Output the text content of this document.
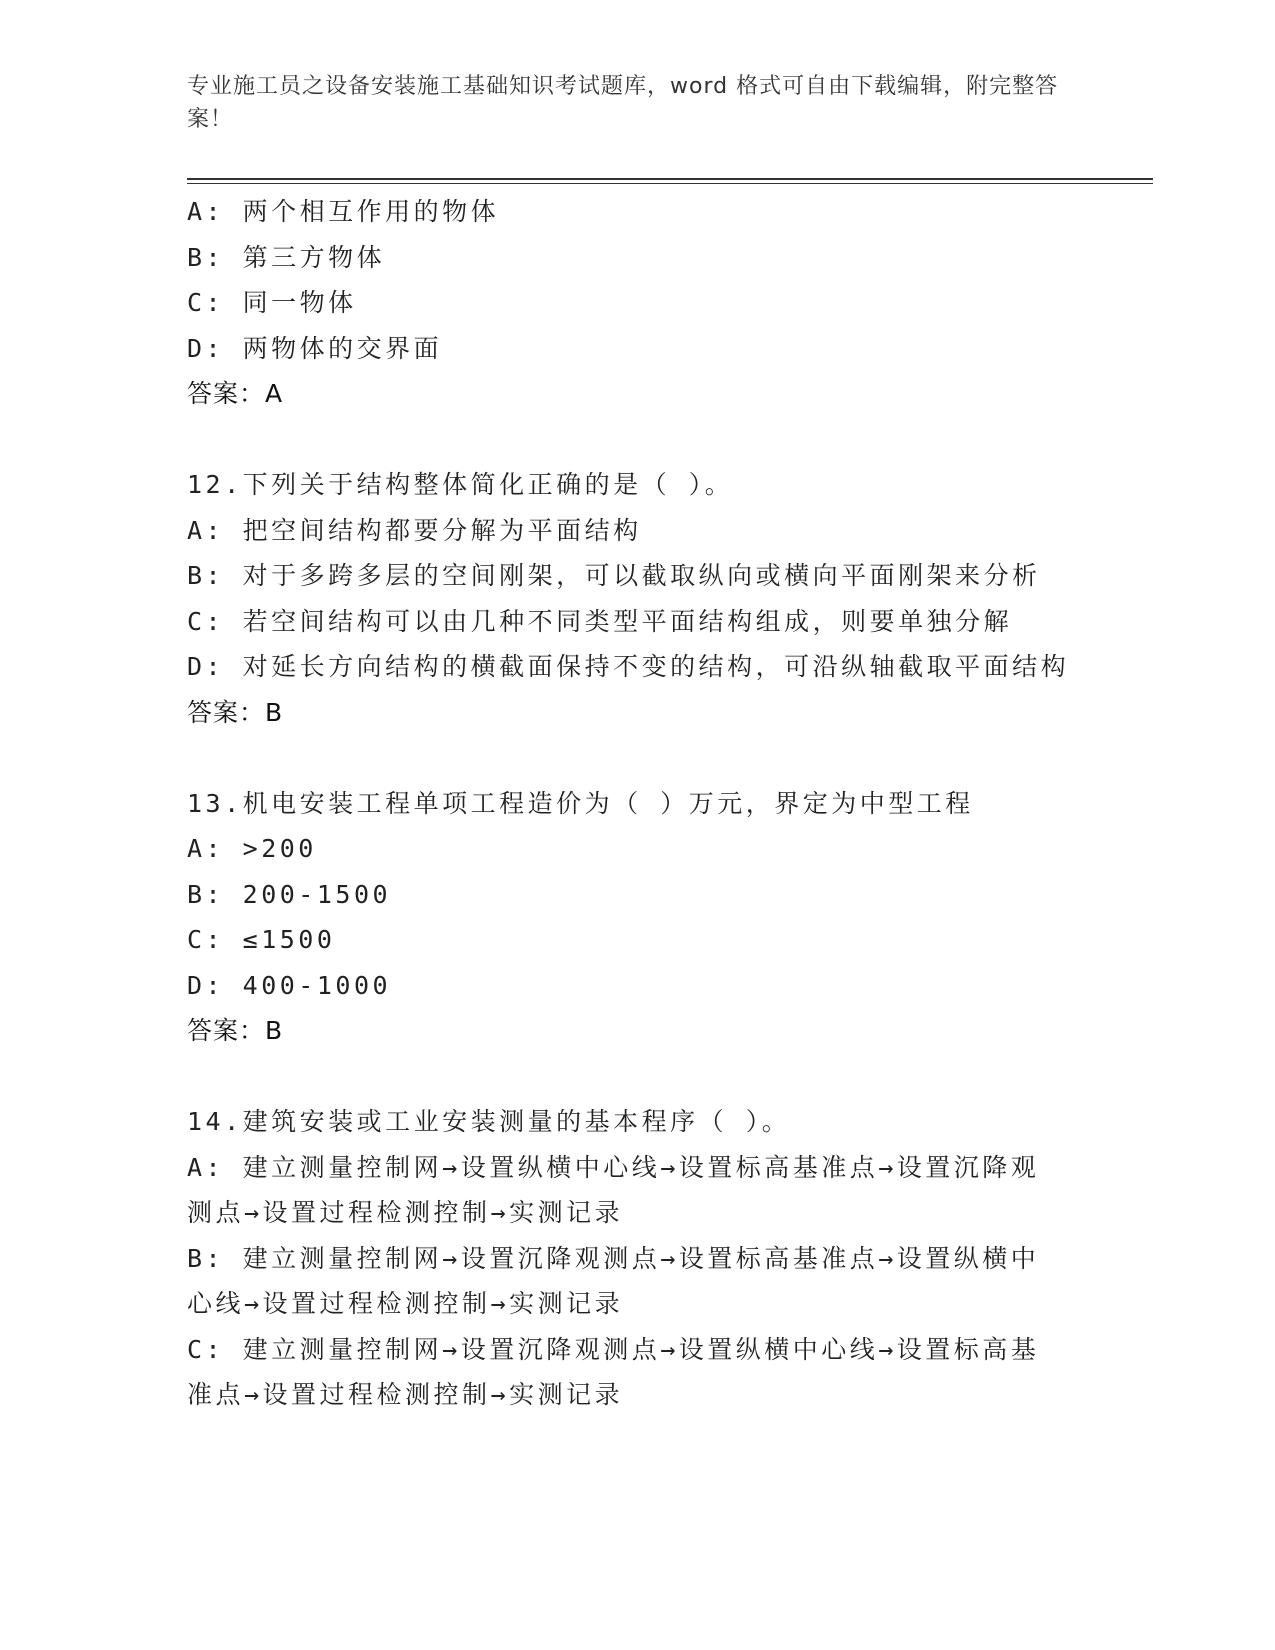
专业施工员之设备安装施工基础知识考试题库，word 格式可自由下载编辑，附完整答案！
A: 两个相互作用的物体
B: 第三方物体
C: 同一物体
D: 两物体的交界面
答案：A
12.下列关于结构整体简化正确的是（ ）。
A: 把空间结构都要分解为平面结构
B: 对于多跨多层的空间刚架，可以截取纵向或横向平面刚架来分析
C: 若空间结构可以由几种不同类型平面结构组成，则要单独分解
D: 对延长方向结构的横截面保持不变的结构，可沿纵轴截取平面结构
答案：B
13.机电安装工程单项工程造价为（ ）万元，界定为中型工程
A: >200
B: 200-1500
C: ≤1500
D: 400-1000
答案：B
14.建筑安装或工业安装测量的基本程序（ ）。
A: 建立测量控制网→设置纵横中心线→设置标高基准点→设置沉降观
测点→设置过程检测控制→实测记录
B: 建立测量控制网→设置沉降观测点→设置标高基准点→设置纵横中
心线→设置过程检测控制→实测记录
C: 建立测量控制网→设置沉降观测点→设置纵横中心线→设置标高基
准点→设置过程检测控制→实测记录
